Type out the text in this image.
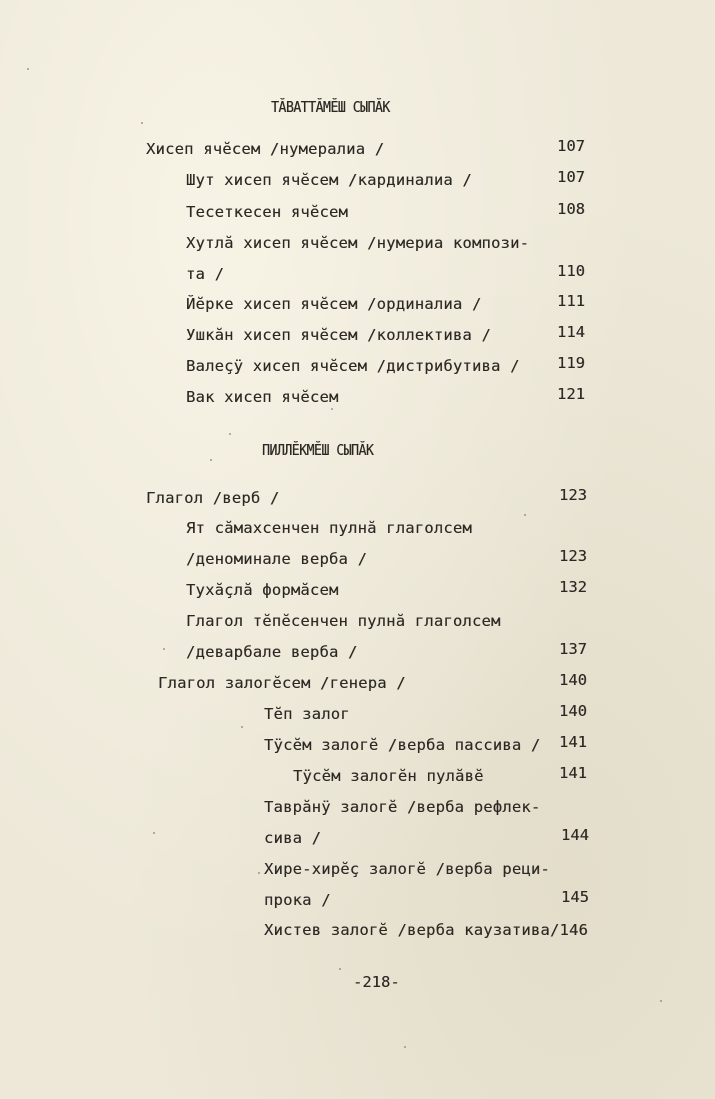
ТĂВАТТĂМĔШ СЫПĂК
Хисеп ячĕсем /нумералиа /	107
Шут хисеп ячĕсем /кардиналиа /	107
Тесеткесен ячĕсем	108
Хутлă хисеп ячĕсем /нумериа компози-
та /	110
Йĕрке хисеп ячĕсем /ординалиа /	111
Ушкăн хисеп ячĕсем /коллектива /	114
Валеçÿ хисеп ячĕсем /дистрибутива / 119
Вак хисеп ячĕсем	121
ПИЛЛĔКМĔШ СЫПĂК
Глагол /верб /	123
Ят сăмахсенчен пулнă глаголсем
/деноминале верба /	123
Тухăçлă формăсем	132
Глагол тĕпĕсенчен пулнă глаголсем
/деварбале верба /	137
Глагол залогĕсем /генера /	140
Тĕп залог	140
Тÿсĕм залогĕ /верба пассива / 141
Тÿсĕм залогĕн пулăвĕ	141
Таврăнÿ залогĕ /верба рефлек-
сива /	144
Хире-хирĕç залогĕ /верба реци-
прока /	145
Хистев залогĕ /верба каузатива/146
-218-
